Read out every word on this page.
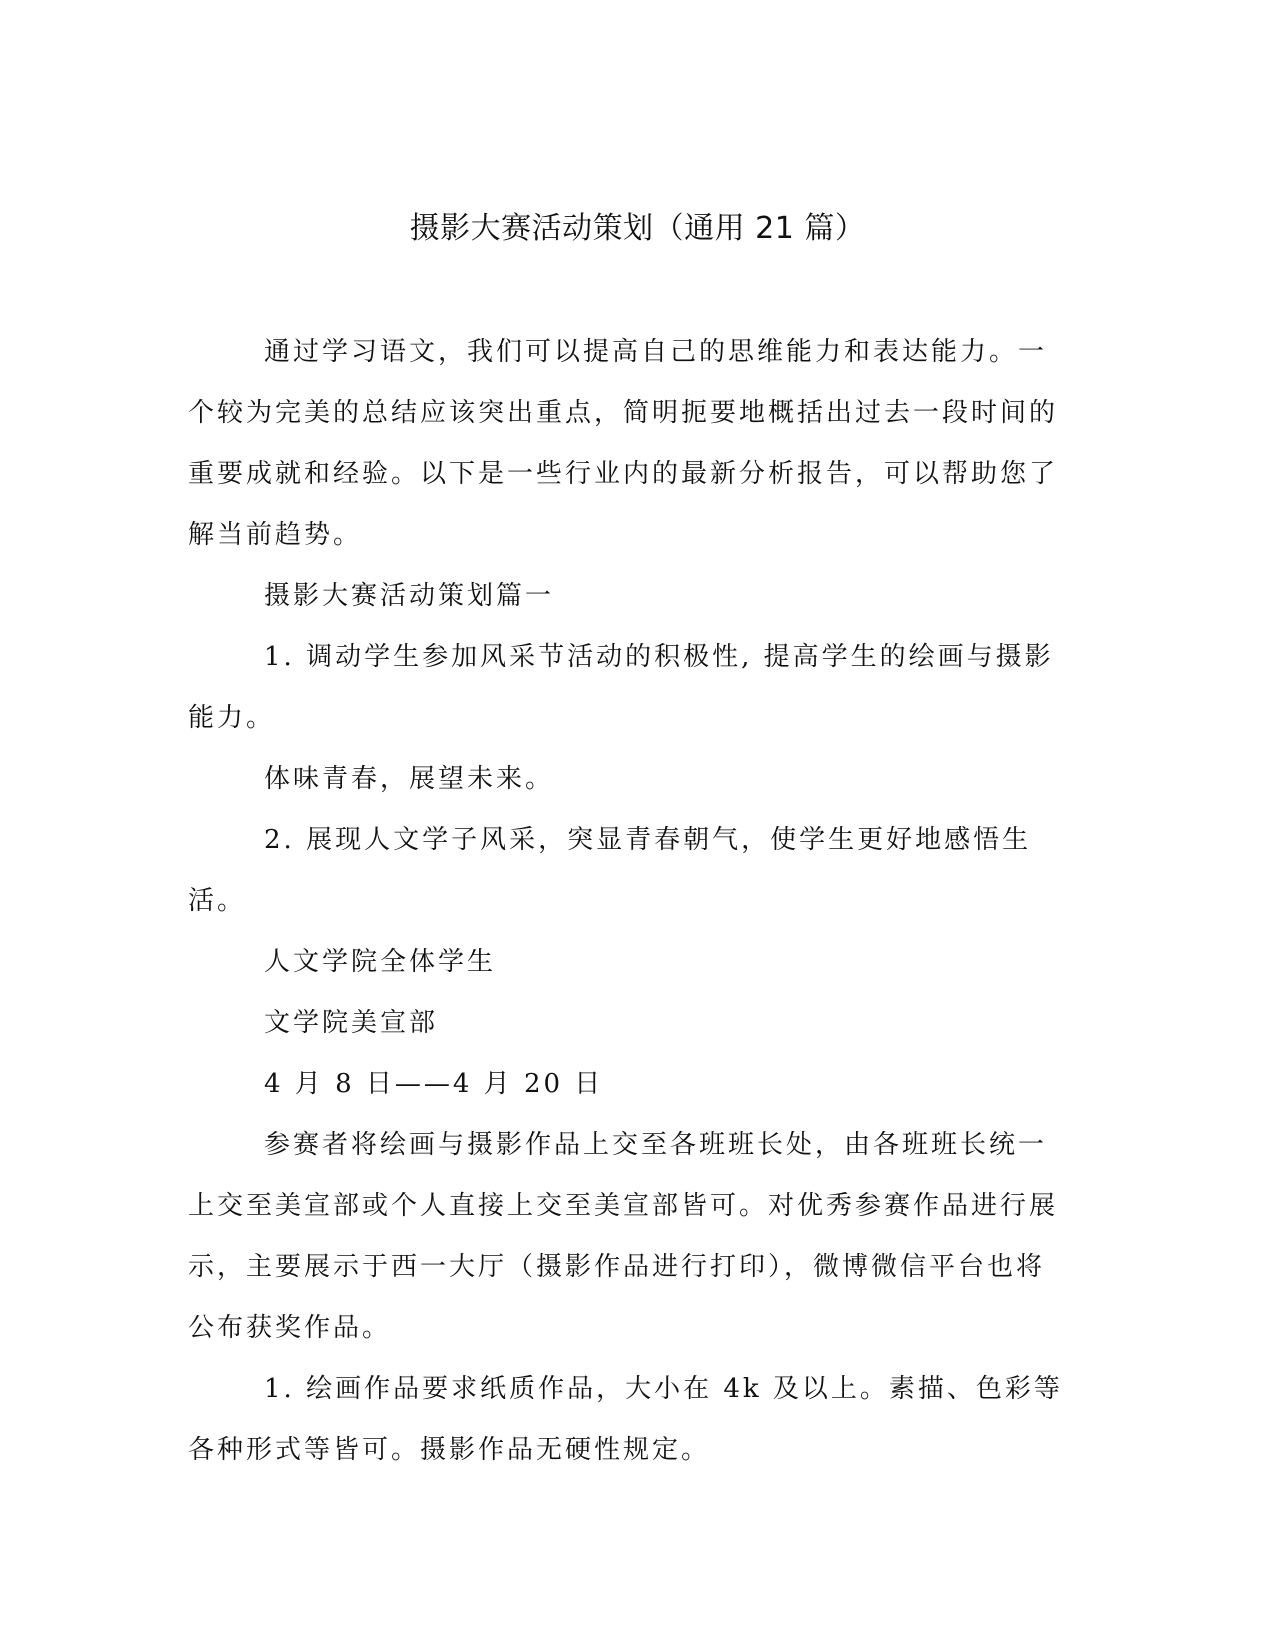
摄影大赛活动策划（通用 21 篇）

通过学习语文，我们可以提高自己的思维能力和表达能力。一个较为完美的总结应该突出重点，简明扼要地概括出过去一段时间的重要成就和经验。以下是一些行业内的最新分析报告，可以帮助您了解当前趋势。

摄影大赛活动策划篇一

1. 调动学生参加风采节活动的积极性, 提高学生的绘画与摄影能力。

体味青春，展望未来。

2. 展现人文学子风采，突显青春朝气，使学生更好地感悟生活。

人文学院全体学生

文学院美宣部

4 月 8 日——4 月 20 日

参赛者将绘画与摄影作品上交至各班班长处，由各班班长统一上交至美宣部或个人直接上交至美宣部皆可。对优秀参赛作品进行展示，主要展示于西一大厅（摄影作品进行打印），微博微信平台也将公布获奖作品。

1. 绘画作品要求纸质作品，大小在 4k 及以上。素描、色彩等各种形式等皆可。摄影作品无硬性规定。
